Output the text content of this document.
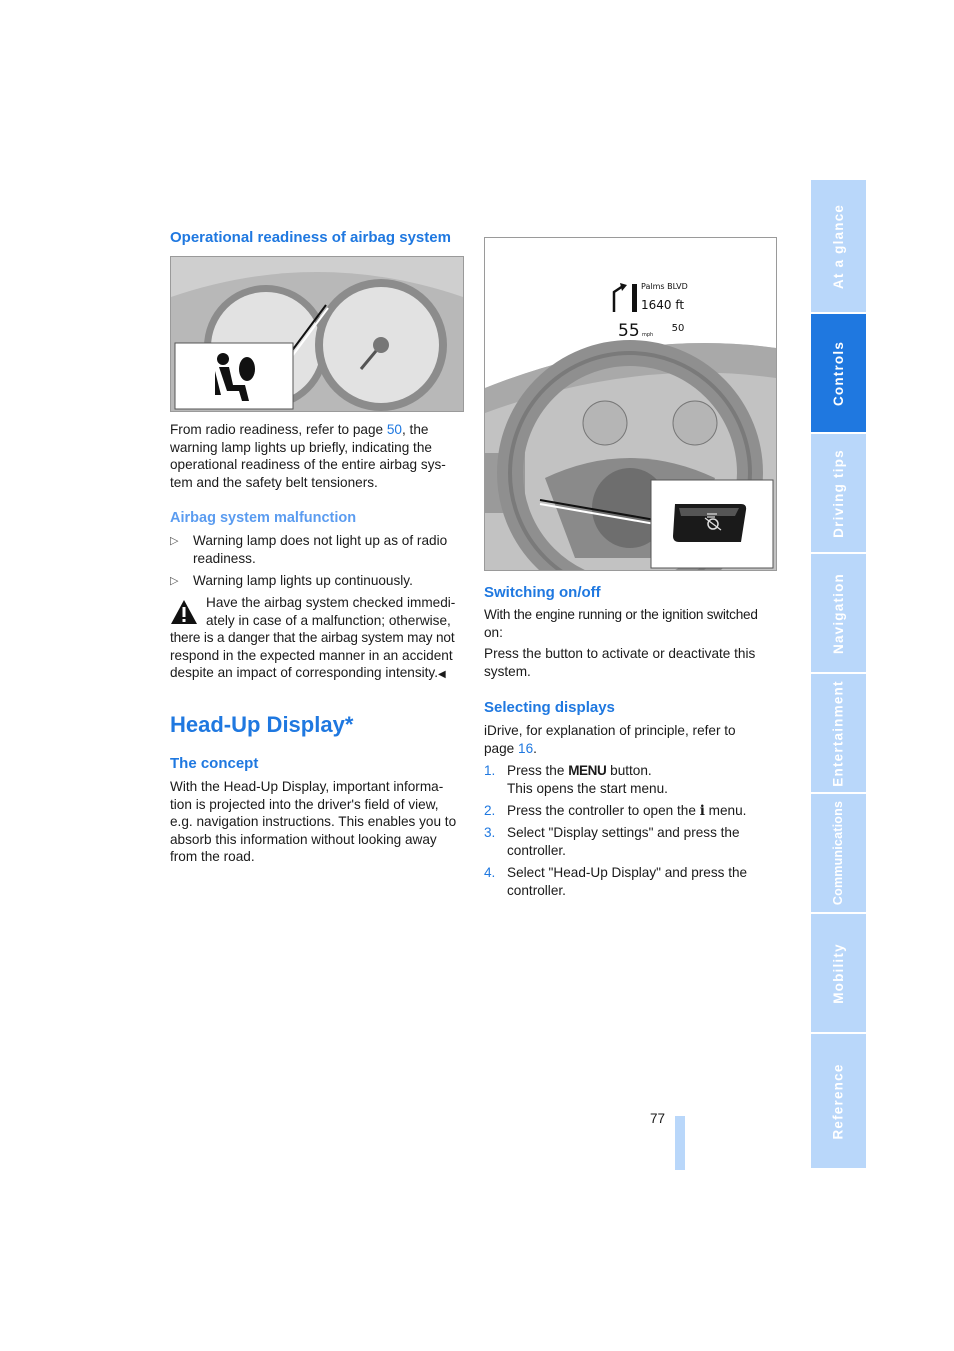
Operational readiness of airbag system
From radio readiness, refer to page 50, the
warning lamp lights up briefly, indicating the
operational readiness of the entire airbag sys-
tem and the safety belt tensioners.
Airbag system malfunction
▷ Warning lamp does not light up as of radio
readiness.
▷ Warning lamp lights up continuously.
Have the airbag system checked immedi-
ately in case of a malfunction; otherwise,
there is a danger that the airbag system may not
respond in the expected manner in an accident
despite an impact of corresponding intensity.◀
Head-Up Display*
The concept
With the Head-Up Display, important informa-
tion is projected into the driver's field of view,
e.g. navigation instructions. This enables you to
absorb this information without looking away
from the road.
Palms BLVD
1640 ft
55 mph
50
Switching on/off
With the engine running or the ignition switched
on:
Press the button to activate or deactivate this
system.
Selecting displays
iDrive, for explanation of principle, refer to
page 16.
1. Press the MENU button.
This opens the start menu.
2. Press the controller to open the i menu.
3. Select "Display settings" and press the
controller.
4. Select "Head-Up Display" and press the
controller.
77
At a glance
Controls
Driving tips
Navigation
Entertainment
Communications
Mobility
Reference
